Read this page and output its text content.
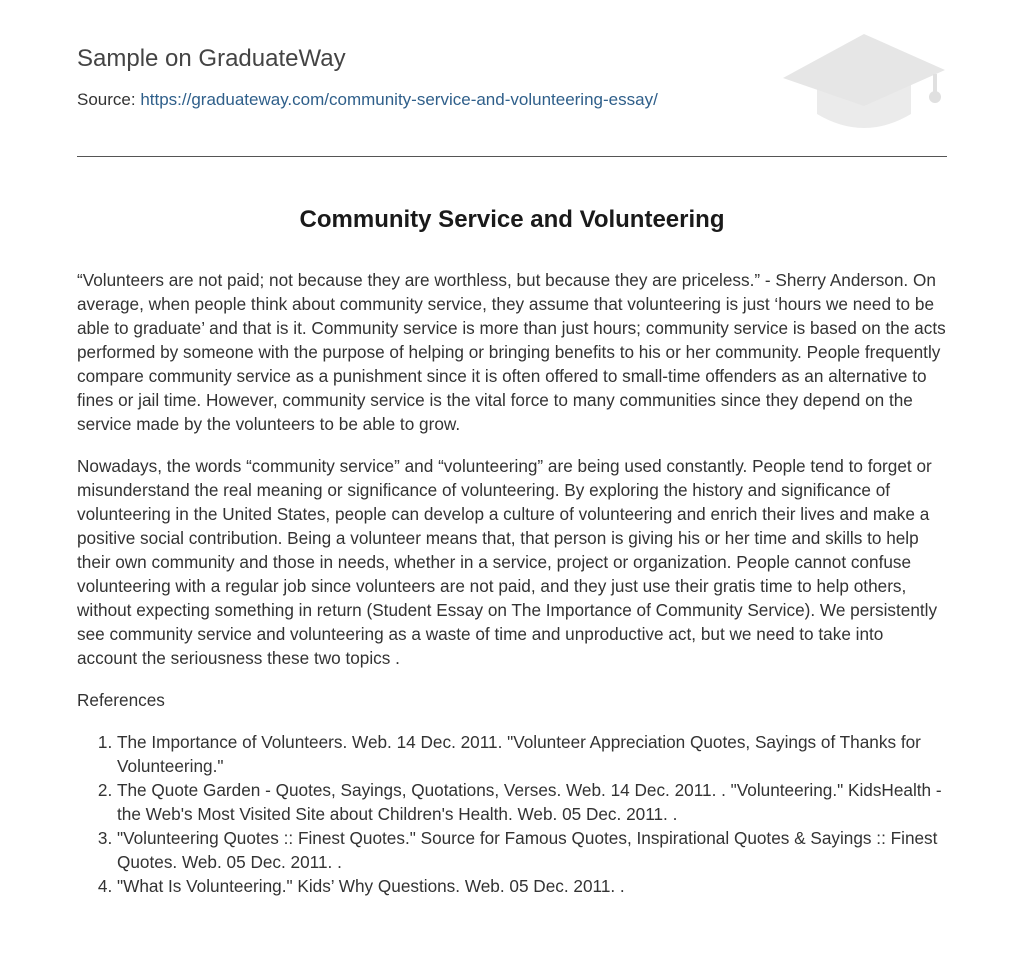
Sample on GraduateWay
Source: https://graduateway.com/community-service-and-volunteering-essay/
Community Service and Volunteering

“Volunteers are not paid; not because they are worthless, but because they are priceless.” - Sherry Anderson. On average, when people think about community service, they assume that volunteering is just ‘hours we need to be able to graduate’ and that is it. Community service is more than just hours; community service is based on the acts performed by someone with the purpose of helping or bringing benefits to his or her community. People frequently compare community service as a punishment since it is often offered to small-time offenders as an alternative to fines or jail time. However, community service is the vital force to many communities since they depend on the service made by the volunteers to be able to grow.

Nowadays, the words “community service” and “volunteering” are being used constantly. People tend to forget or misunderstand the real meaning or significance of volunteering. By exploring the history and significance of volunteering in the United States, people can develop a culture of volunteering and enrich their lives and make a positive social contribution. Being a volunteer means that, that person is giving his or her time and skills to help their own community and those in needs, whether in a service, project or organization. People cannot confuse volunteering with a regular job since volunteers are not paid, and they just use their gratis time to help others, without expecting something in return (Student Essay on The Importance of Community Service). We persistently see community service and volunteering as a waste of time and unproductive act, but we need to take into account the seriousness these two topics .

References

1. The Importance of Volunteers. Web. 14 Dec. 2011. "Volunteer Appreciation Quotes, Sayings of Thanks for Volunteering."
2. The Quote Garden - Quotes, Sayings, Quotations, Verses. Web. 14 Dec. 2011. . "Volunteering." KidsHealth - the Web's Most Visited Site about Children's Health. Web. 05 Dec. 2011. .
3. "Volunteering Quotes :: Finest Quotes." Source for Famous Quotes, Inspirational Quotes & Sayings :: Finest Quotes. Web. 05 Dec. 2011. .
4. "What Is Volunteering." Kids’ Why Questions. Web. 05 Dec. 2011. .
